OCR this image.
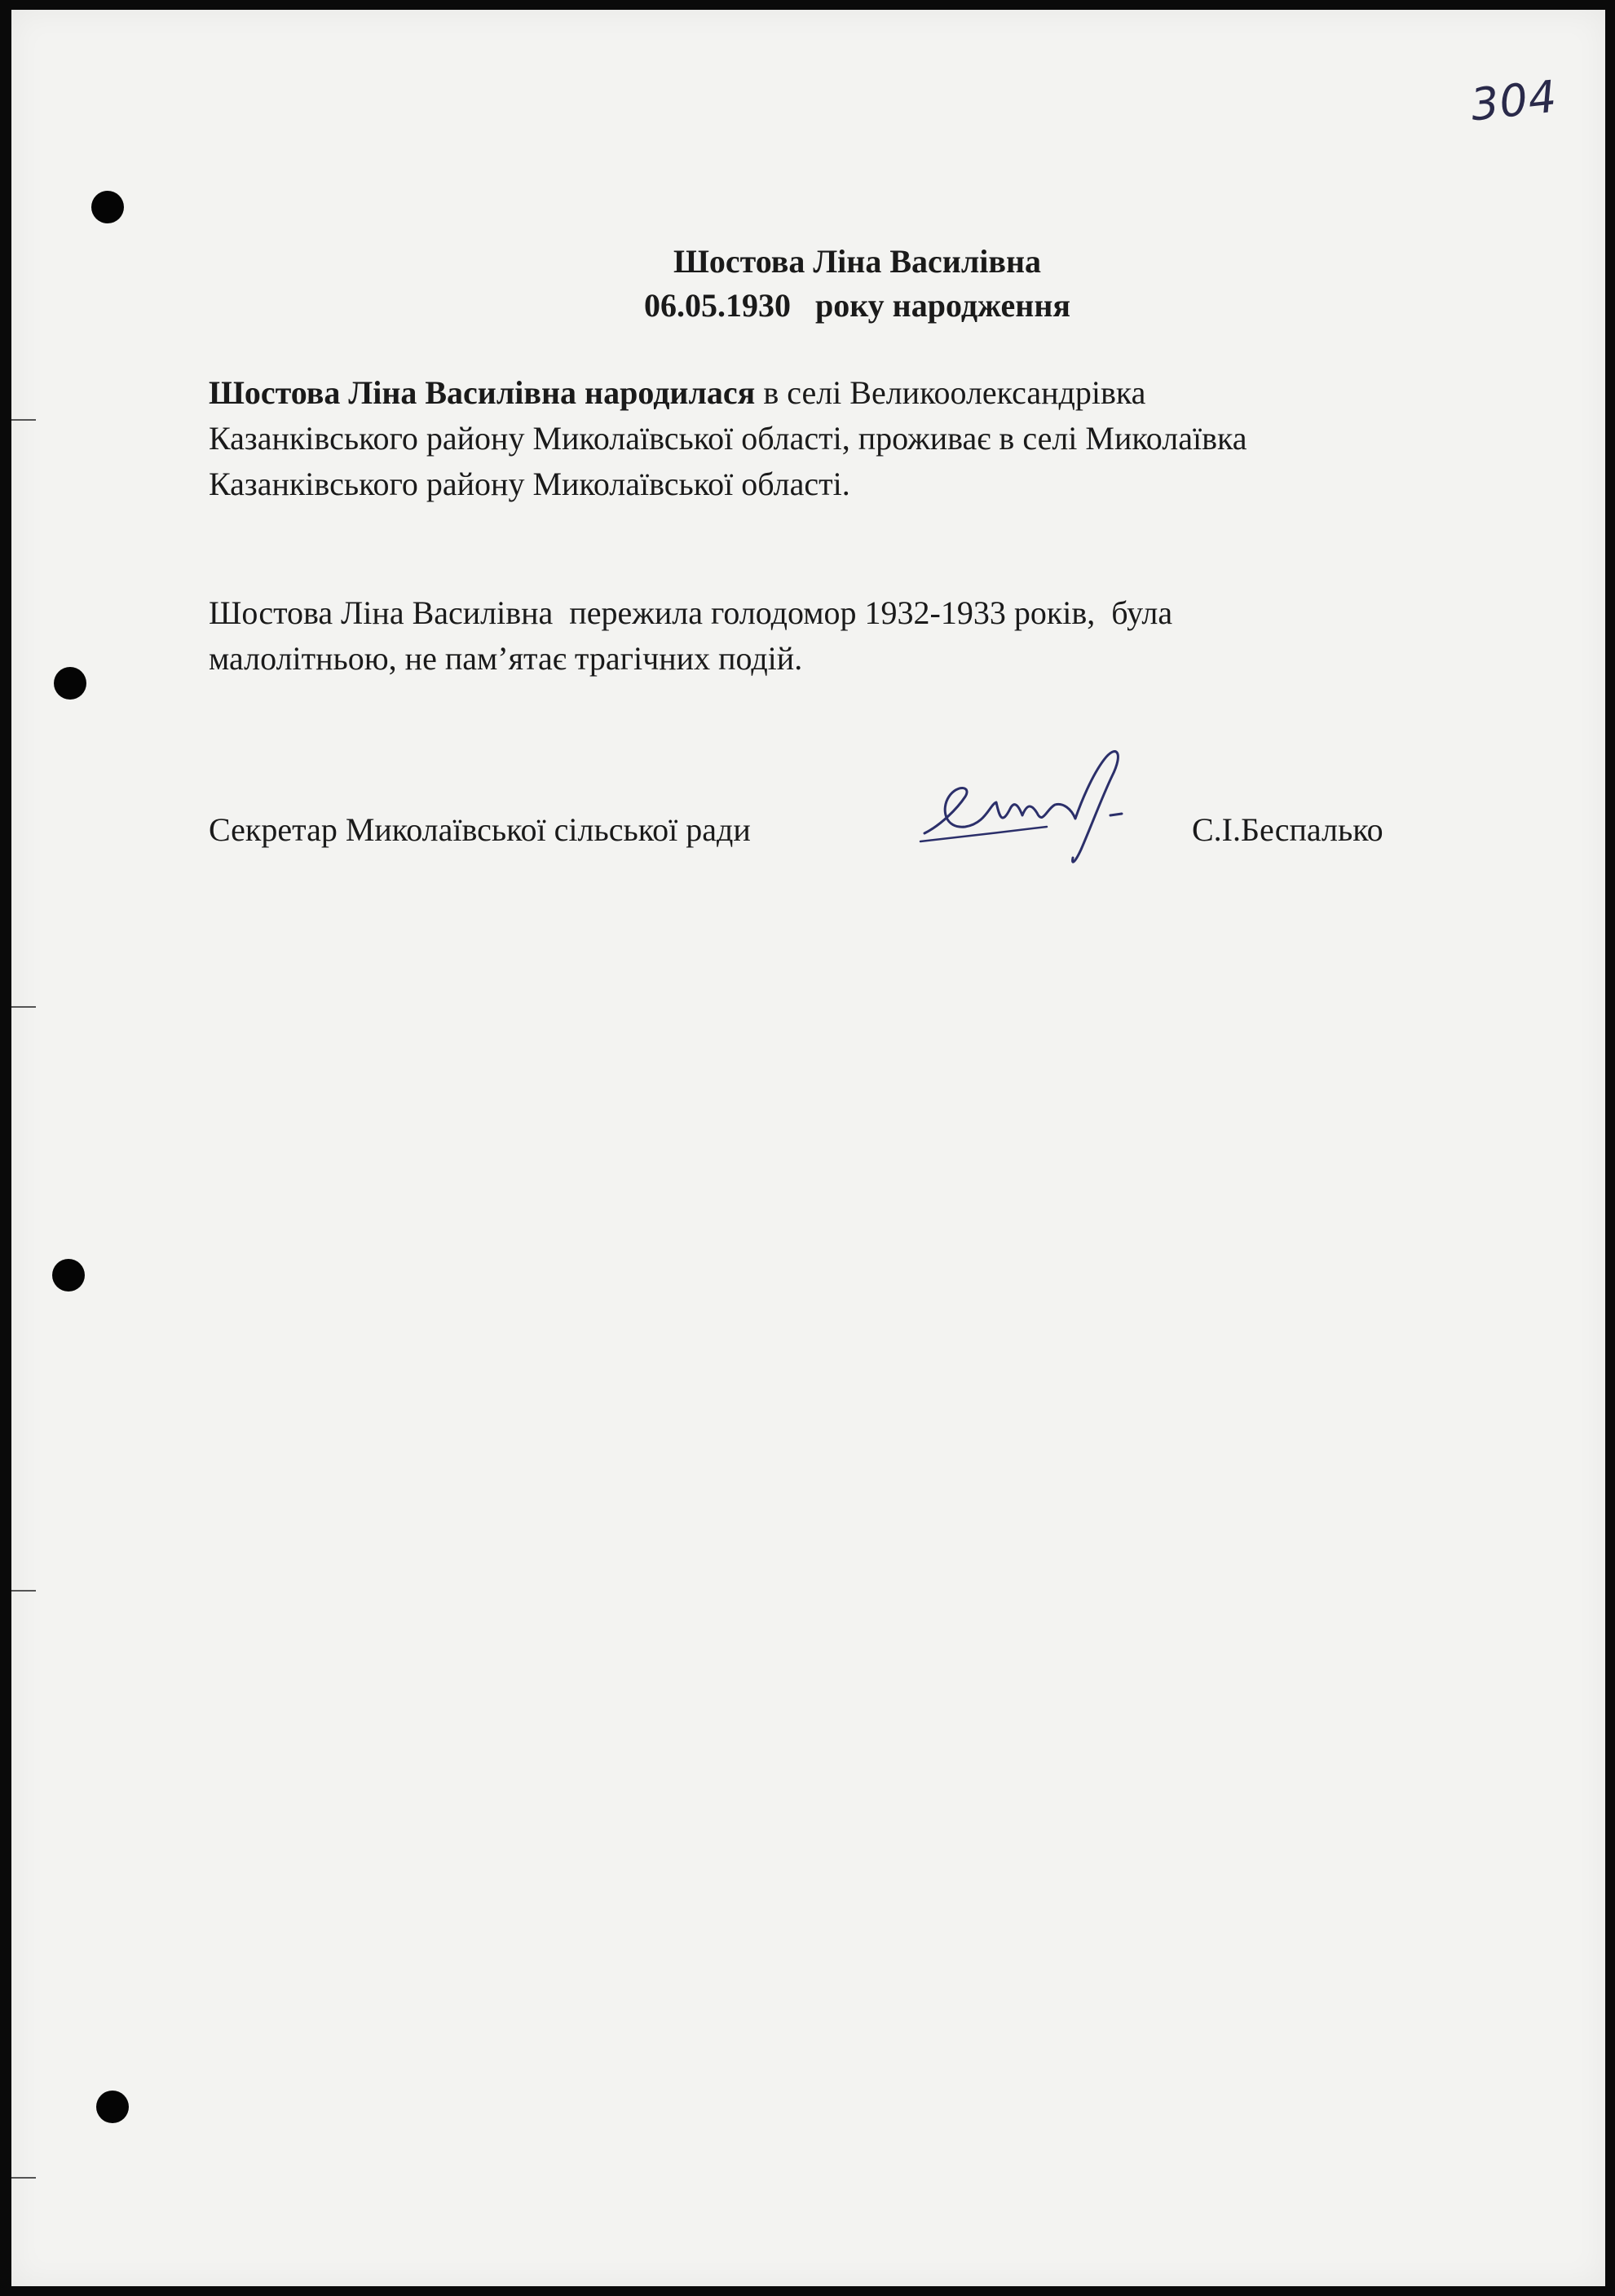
304
Шостова Ліна Василівна
06.05.1930 року народження
Шостова Ліна Василівна народилася в селі Великоолександрівка
Казанківського району Миколаївської області, проживає в селі Миколаївка
Казанківського району Миколаївської області.
Шостова Ліна Василівна  пережила голодомор 1932-1933 років,  була
малолітньою, не пам’ятає трагічних подій.
Секретар Миколаївської сільської ради	С.І.Беспалько
